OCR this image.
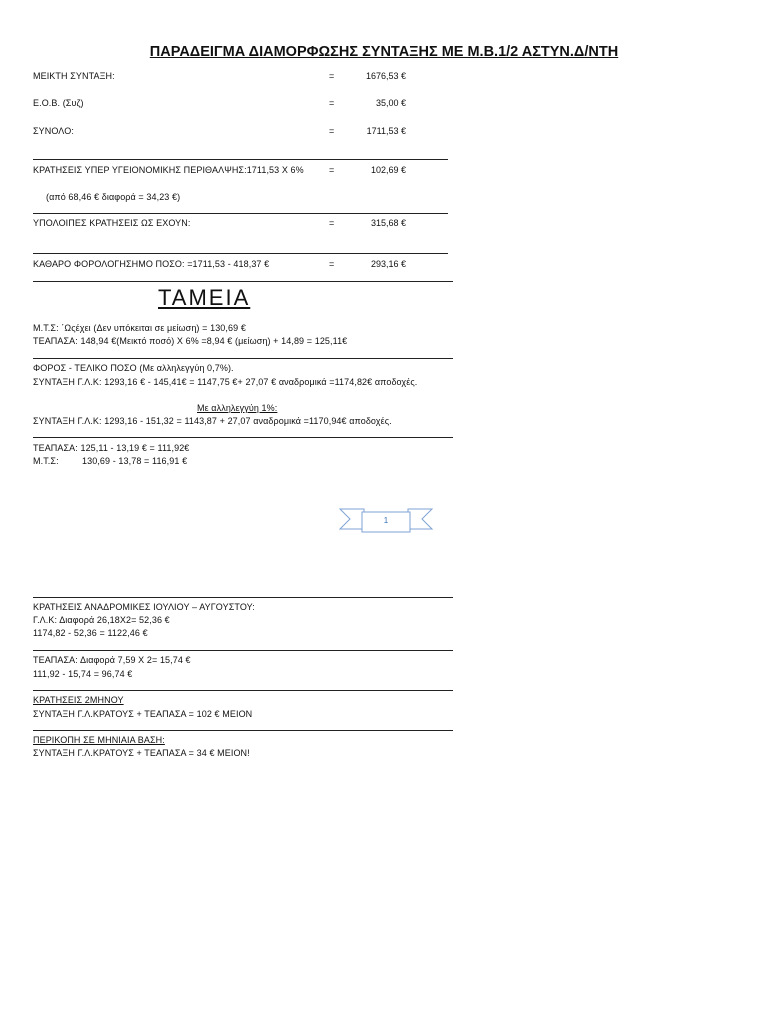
ΠΑΡΑΔΕΙΓΜΑ ΔΙΑΜΟΡΦΩΣΗΣ ΣΥΝΤΑΞΗΣ ΜΕ Μ.Β.1/2 ΑΣΤΥΝ.Δ/ΝΤΗ
ΜΕΙΚΤΗ ΣΥΝΤΑΞΗ:	=	1676,53 €
Ε.Ο.Β. (Συζ)	=	35,00 €
ΣΥΝΟΛΟ:	=	1711,53 €
ΚΡΑΤΗΣΕΙΣ ΥΠΕΡ ΥΓΕΙΟΝΟΜΙΚΗΣ ΠΕΡΙΘΑΛΨΗΣ:1711,53 Χ 6%	=	102,69 €
(από 68,46 € διαφορά = 34,23 €)
ΥΠΟΛΟΙΠΕΣ ΚΡΑΤΗΣΕΙΣ ΩΣ ΕΧΟΥΝ:	=	315,68 €
ΚΑΘΑΡΟ ΦΟΡΟΛΟΓΗΣΗΜΟ ΠΟΣΟ: =1711,53 - 418,37 €	=	293,16 €
ΤΑΜΕΙΑ
Μ.Τ.Σ: ΄Ωςέχει (Δεν υπόκειται σε μείωση) = 130,69 €
ΤΕΑΠΑΣΑ: 148,94 €(Μεικτό ποσό) Χ 6% =8,94 € (μείωση) + 14,89 = 125,11€
ΦΟΡΟΣ - ΤΕΛΙΚΟ ΠΟΣΟ (Με αλληλεγγύη 0,7%).
ΣΥΝΤΑΞΗ Γ.Λ.Κ: 1293,16 € - 145,41€ = 1147,75 €+ 27,07 € αναδρομικά =1174,82€ αποδοχές.
Με αλληλεγγύη 1%:
ΣΥΝΤΑΞΗ Γ.Λ.Κ: 1293,16 - 151,32 = 1143,87 + 27,07 αναδρομικά =1170,94€ αποδοχές.
ΤΕΑΠΑΣΑ: 125,11 - 13,19 € = 111,92€
Μ.Τ.Σ:	130,69 - 13,78 = 116,91 €
1
ΚΡΑΤΗΣΕΙΣ ΑΝΑΔΡΟΜΙΚΕΣ ΙΟΥΛΙΟΥ – ΑΥΓΟΥΣΤΟΥ:
Γ.Λ.Κ: Διαφορά 26,18Χ2= 52,36 €
1174,82 - 52,36 = 1122,46 €
ΤΕΑΠΑΣΑ: Διαφορά 7,59 Χ 2= 15,74 €
111,92 - 15,74 = 96,74 €
ΚΡΑΤΗΣΕΙΣ 2ΜΗΝΟΥ
ΣΥΝΤΑΞΗ Γ.Λ.ΚΡΑΤΟΥΣ + ΤΕΑΠΑΣΑ = 102 € ΜΕΙΟΝ
ΠΕΡΙΚΟΠΗ ΣΕ ΜΗΝΙΑΙΑ ΒΑΣΗ:
ΣΥΝΤΑΞΗ Γ.Λ.ΚΡΑΤΟΥΣ + ΤΕΑΠΑΣΑ = 34 € ΜΕΙΟΝ!
